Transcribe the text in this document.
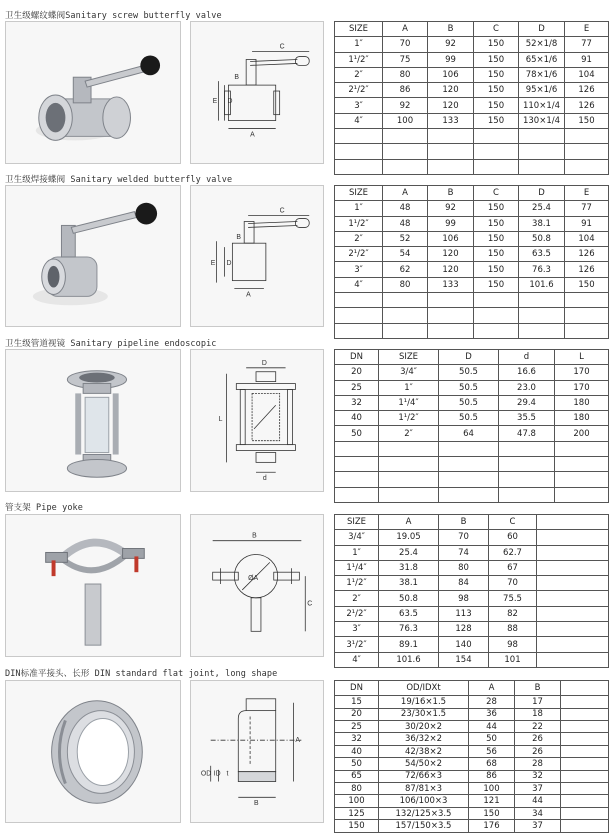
卫生级螺纹蝶阀Sanitary screw butterfly valve
C
E D
B
A
SIZE	A	B	C	D	E
1″	70	92	150	52×1/8	77
1¹/2″	75	99	150	65×1/6	91
2″	80	106	150	78×1/6	104
2¹/2″	86	120	150	95×1/6	126
3″	92	120	150	110×1/4	126
4″	100	133	150	130×1/4	150

卫生级焊接蝶阀 Sanitary welded butterfly valve
C
E D
B
A
SIZE	A	B	C	D	E
1″	48	92	150	25.4	77
1¹/2″	48	99	150	38.1	91
2″	52	106	150	50.8	104
2¹/2″	54	120	150	63.5	126
3″	62	120	150	76.3	126
4″	80	133	150	101.6	150

卫生级管道视镜 Sanitary pipeline endoscopic
D
L
d
DN	SIZE	D	d	L
20	3/4″	50.5	16.6	170
25	1″	50.5	23.0	170
32	1¹/4″	50.5	29.4	180
40	1¹/2″	50.5	35.5	180
50	2″	64	47.8	200

管支架 Pipe yoke
B
ØA
C
SIZE	A	B	C	
3/4″	19.05	70	60	
1″	25.4	74	62.7	
1¹/4″	31.8	80	67	
1¹/2″	38.1	84	70	
2″	50.8	98	75.5	
2¹/2″	63.5	113	82	
3″	76.3	128	88	
3¹/2″	89.1	140	98	
4″	101.6	154	101	
DIN标准平接头、长形 DIN standard flat joint, long shape
A
OD ID t
B
DN	OD/IDXt	A	B	
15	19/16×1.5	28	17	
20	23/30×1.5	36	18	
25	30/20×2	44	22	
32	36/32×2	50	26	
40	42/38×2	56	26	
50	54/50×2	68	28	
65	72/66×3	86	32	
80	87/81×3	100	37	
100	106/100×3	121	44	
125	132/125×3.5	150	34	
150	157/150×3.5	176	37	
